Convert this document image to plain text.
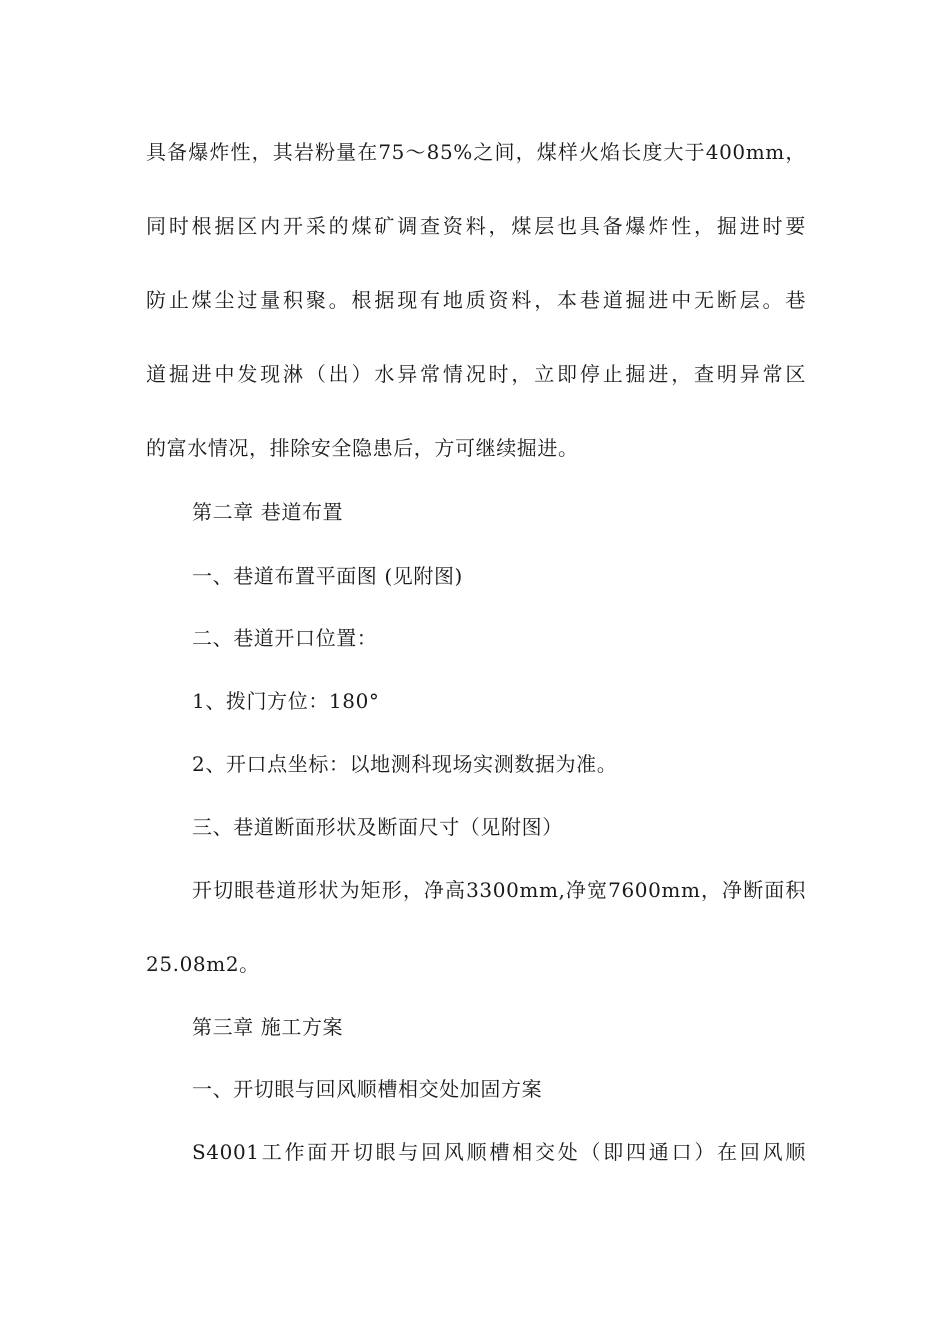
具备爆炸性，其岩粉量在75～85%之间，煤样火焰长度大于400mm，
同时根据区内开采的煤矿调查资料，煤层也具备爆炸性，掘进时要
防止煤尘过量积聚。根据现有地质资料，本巷道掘进中无断层。巷
道掘进中发现淋（出）水异常情况时，立即停止掘进，查明异常区
的富水情况，排除安全隐患后，方可继续掘进。
第二章 巷道布置
一、巷道布置平面图 (见附图)
二、巷道开口位置：
1、拨门方位：180°
2、开口点坐标：以地测科现场实测数据为准。
三、巷道断面形状及断面尺寸（见附图）
开切眼巷道形状为矩形，净高3300mm,净宽7600mm，净断面积
25.08m2。
第三章 施工方案
一、开切眼与回风顺槽相交处加固方案
S4001工作面开切眼与回风顺槽相交处（即四通口）在回风顺
